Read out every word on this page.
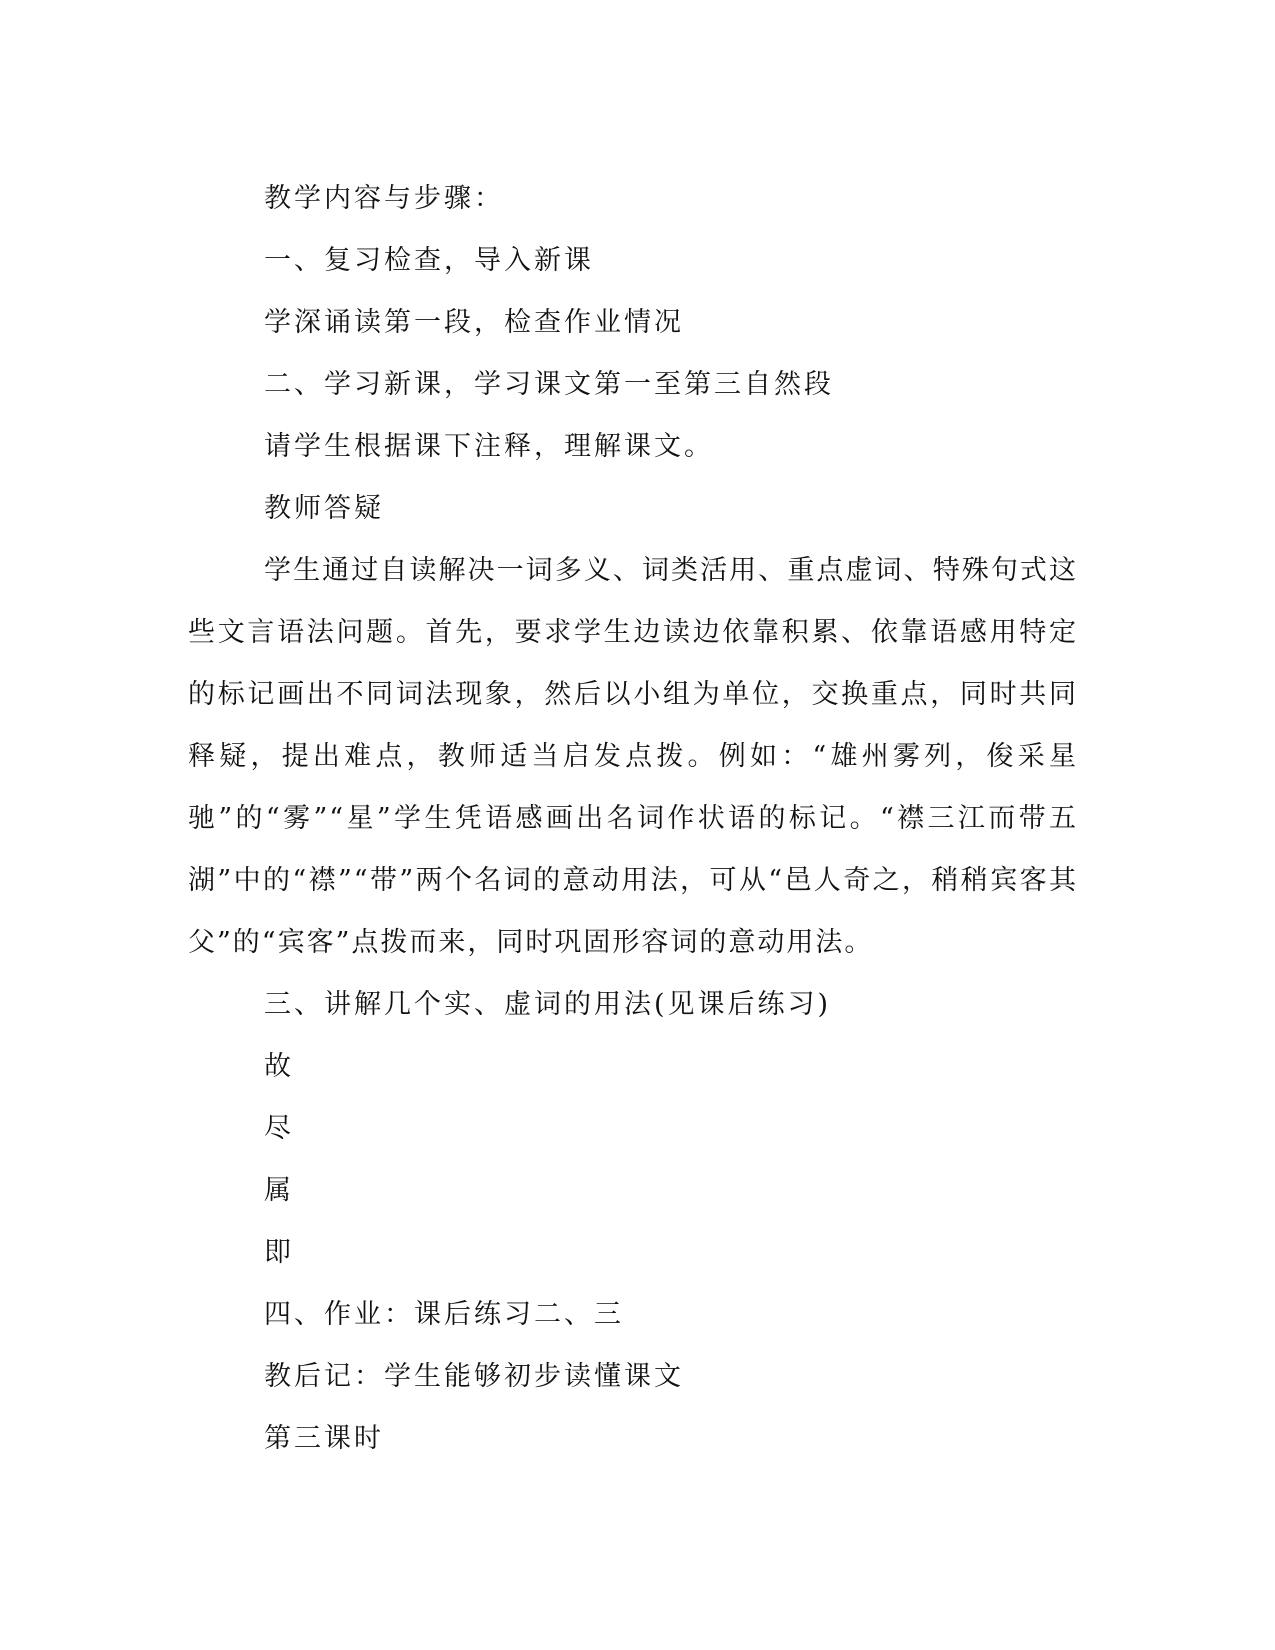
教学内容与步骤：

一、复习检查，导入新课

学深诵读第一段，检查作业情况

二、学习新课，学习课文第一至第三自然段

请学生根据课下注释，理解课文。

教师答疑

学生通过自读解决一词多义、词类活用、重点虚词、特殊句式这些文言语法问题。首先，要求学生边读边依靠积累、依靠语感用特定的标记画出不同词法现象，然后以小组为单位，交换重点，同时共同释疑，提出难点，教师适当启发点拨。例如：“雄州雾列，俊采星驰”的“雾”“星”学生凭语感画出名词作状语的标记。“襟三江而带五湖”中的“襟”“带”两个名词的意动用法，可从“邑人奇之，稍稍宾客其父”的“宾客”点拨而来，同时巩固形容词的意动用法。

三、讲解几个实、虚词的用法(见课后练习)

故

尽

属

即

四、作业：课后练习二、三

教后记：学生能够初步读懂课文

第三课时
